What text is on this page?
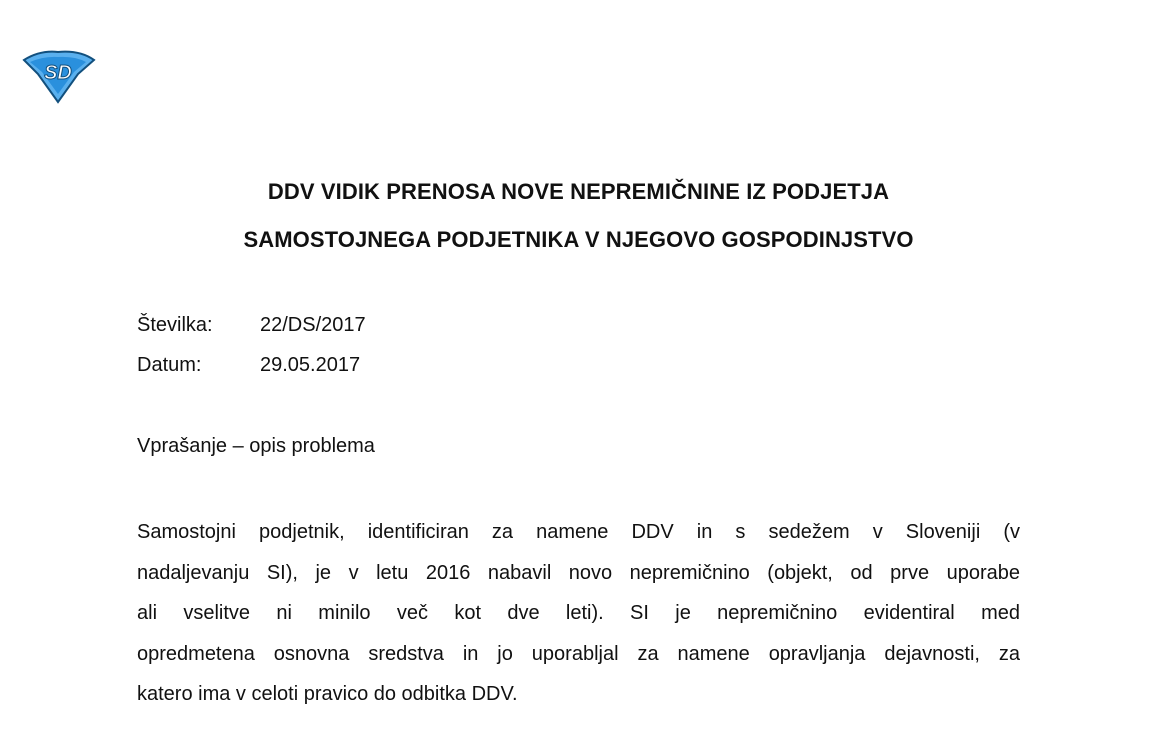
SD
DDV VIDIK PRENOSA NOVE NEPREMIČNINE IZ PODJETJA
SAMOSTOJNEGA PODJETNIKA V NJEGOVO GOSPODINJSTVO
Številka: 22/DS/2017
Datum:	29.05.2017
Vprašanje – opis problema
Samostojni podjetnik, identificiran za namene DDV in s sedežem v Sloveniji (v
nadaljevanju SI), je v letu 2016 nabavil novo nepremičnino (objekt, od prve uporabe
ali vselitve ni minilo več kot dve leti). SI je nepremičnino evidentiral med
opredmetena osnovna sredstva in jo uporabljal za namene opravljanja dejavnosti, za
katero ima v celoti pravico do odbitka DDV.
